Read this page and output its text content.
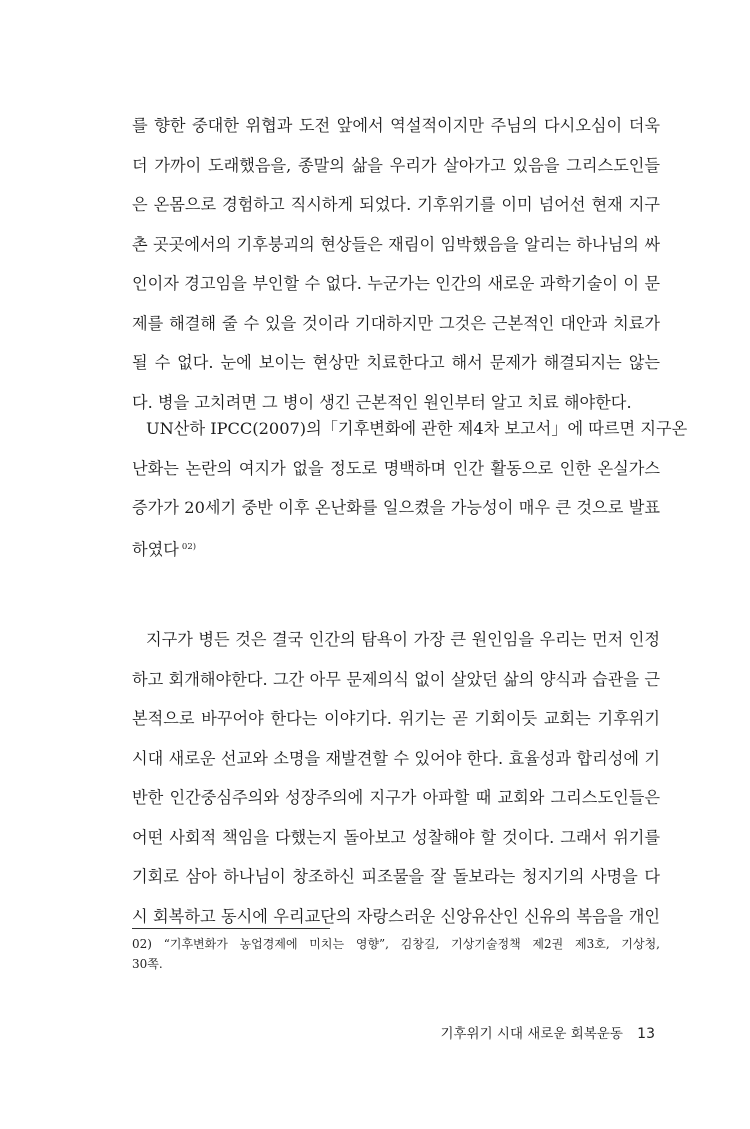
를 향한 중대한 위협과 도전 앞에서 역설적이지만 주님의 다시오심이 더욱
더 가까이 도래했음을, 종말의 삶을 우리가 살아가고 있음을 그리스도인들
은 온몸으로 경험하고 직시하게 되었다. 기후위기를 이미 넘어선 현재 지구
촌 곳곳에서의 기후붕괴의 현상들은 재림이 임박했음을 알리는 하나님의 싸
인이자 경고임을 부인할 수 없다. 누군가는 인간의 새로운 과학기술이 이 문
제를 해결해 줄 수 있을 것이라 기대하지만 그것은 근본적인 대안과 치료가
될 수 없다. 눈에 보이는 현상만 치료한다고 해서 문제가 해결되지는 않는
다. 병을 고치려면 그 병이 생긴 근본적인 원인부터 알고 치료 해야한다.
UN산하 IPCC(2007)의「기후변화에 관한 제4차 보고서」에 따르면 지구온
난화는 논란의 여지가 없을 정도로 명백하며 인간 활동으로 인한 온실가스
증가가 20세기 중반 이후 온난화를 일으켰을 가능성이 매우 큰 것으로 발표
하였다 $^{02)}$
지구가 병든 것은 결국 인간의 탐욕이 가장 큰 원인임을 우리는 먼저 인정
하고 회개해야한다. 그간 아무 문제의식 없이 살았던 삶의 양식과 습관을 근
본적으로 바꾸어야 한다는 이야기다. 위기는 곧 기회이듯 교회는 기후위기
시대 새로운 선교와 소명을 재발견할 수 있어야 한다. 효율성과 합리성에 기
반한 인간중심주의와 성장주의에 지구가 아파할 때 교회와 그리스도인들은
어떤 사회적 책임을 다했는지 돌아보고 성찰해야 할 것이다. 그래서 위기를
기회로 삼아 하나님이 창조하신 피조물을 잘 돌보라는 청지기의 사명을 다
시 회복하고 동시에 우리교단의 자랑스러운 신앙유산인 신유의 복음을 개인
02) “기후변화가 농업경제에 미치는 영향”, 김창길, 기상기술정책 제2권 제3호, 기상청,
30쪽.
기후위기 시대 새로운 회복운동 13
